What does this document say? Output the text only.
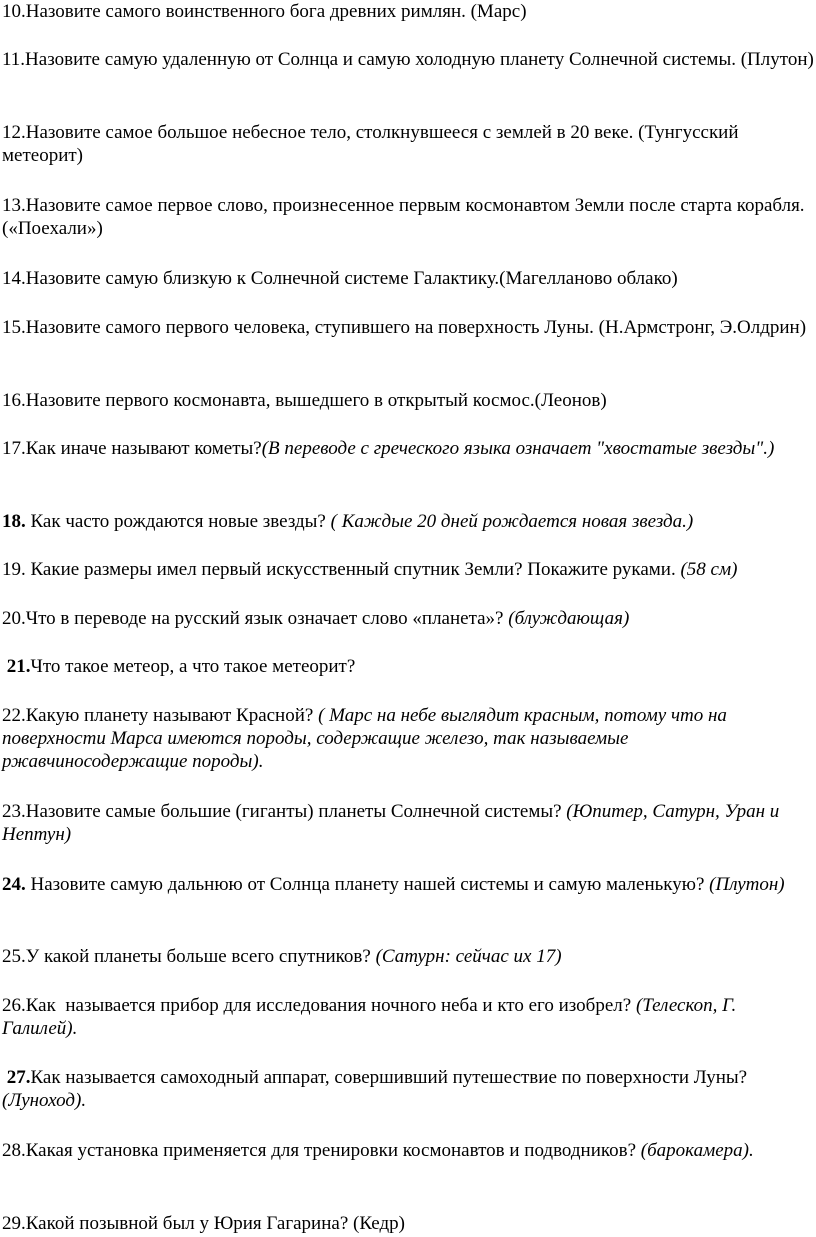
10.Назовите самого воинственного бога древних римлян. (Марс)

11.Назовите самую удаленную от Солнца и самую холодную планету Солнечной системы. (Плутон)

12.Назовите самое большое небесное тело, столкнувшееся с землей в 20 веке. (Тунгусский метеорит)

13.Назовите самое первое слово, произнесенное первым космонавтом Земли после старта корабля. («Поехали»)

14.Назовите самую близкую к Солнечной системе Галактику.(Магелланово облако)

15.Назовите самого первого человека, ступившего на поверхность Луны. (Н.Армстронг, Э.Олдрин)

16.Назовите первого космонавта, вышедшего в открытый космос.(Леонов)

17.Как иначе называют кометы?(В переводе с греческого языка означает "хвостатые звезды".)

18. Как часто рождаются новые звезды? ( Каждые 20 дней рождается новая звезда.)

19. Какие размеры имел первый искусственный спутник Земли? Покажите руками. (58 см)

20.Что в переводе на русский язык означает слово «планета»? (блуждающая)

21.Что такое метеор, а что такое метеорит?

22.Какую планету называют Красной? ( Марс на небе выглядит красным, потому что на поверхности Марса имеются породы, содержащие железо, так называемые ржавчиносодержащие породы).

23.Назовите самые большие (гиганты) планеты Солнечной системы? (Юпитер, Сатурн, Уран и Нептун)

24. Назовите самую дальнюю от Солнца планету нашей системы и самую маленькую? (Плутон)

25.У какой планеты больше всего спутников? (Сатурн: сейчас их 17)

26.Как  называется прибор для исследования ночного неба и кто его изобрел? (Телескоп, Г. Галилей).

27.Как называется самоходный аппарат, совершивший путешествие по поверхности Луны? (Луноход).

28.Какая установка применяется для тренировки космонавтов и подводников? (барокамера).

29.Какой позывной был у Юрия Гагарина? (Кедр)
